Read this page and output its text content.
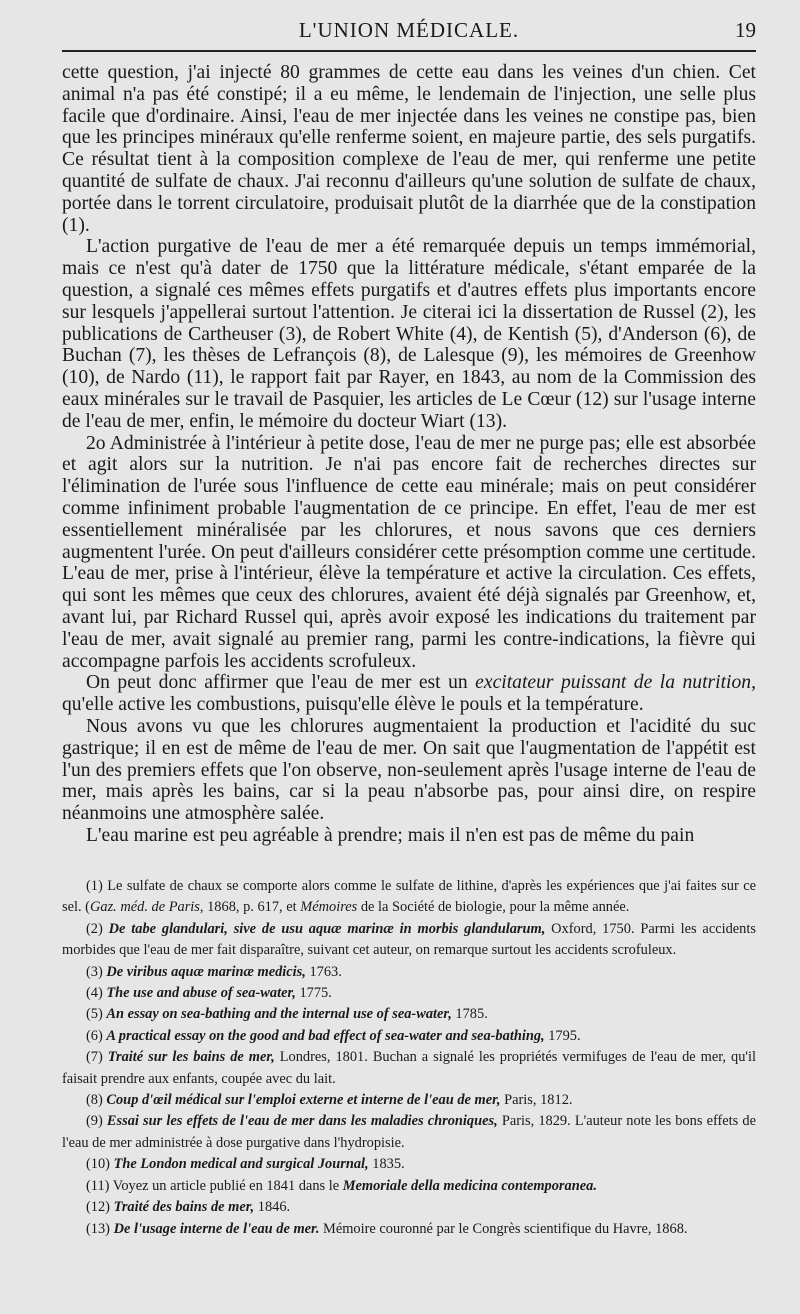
L'UNION MÉDICALE.	19

cette question, j'ai injecté 80 grammes de cette eau dans les veines d'un chien. Cet animal n'a pas été constipé; il a eu même, le lendemain de l'injection, une selle plus facile que d'ordinaire. Ainsi, l'eau de mer injectée dans les veines ne constipe pas, bien que les principes minéraux qu'elle renferme soient, en majeure partie, des sels purgatifs. Ce résultat tient à la composition complexe de l'eau de mer, qui renferme une petite quantité de sulfate de chaux. J'ai reconnu d'ailleurs qu'une solution de sulfate de chaux, portée dans le torrent circulatoire, produisait plutôt de la diarrhée que de la constipation (1).

L'action purgative de l'eau de mer a été remarquée depuis un temps immémorial, mais ce n'est qu'à dater de 1750 que la littérature médicale, s'étant emparée de la question, a signalé ces mêmes effets purgatifs et d'autres effets plus importants encore sur lesquels j'appellerai surtout l'attention. Je citerai ici la dissertation de Russel (2), les publications de Cartheuser (3), de Robert White (4), de Kentish (5), d'Anderson (6), de Buchan (7), les thèses de Lefrançois (8), de Lalesque (9), les mémoires de Greenhow (10), de Nardo (11), le rapport fait par Rayer, en 1843, au nom de la Commission des eaux minérales sur le travail de Pasquier, les articles de Le Cœur (12) sur l'usage interne de l'eau de mer, enfin, le mémoire du docteur Wiart (13).

2o Administrée à l'intérieur à petite dose, l'eau de mer ne purge pas; elle est absorbée et agit alors sur la nutrition. Je n'ai pas encore fait de recherches directes sur l'élimination de l'urée sous l'influence de cette eau minérale; mais on peut considérer comme infiniment probable l'augmentation de ce principe. En effet, l'eau de mer est essentiellement minéralisée par les chlorures, et nous savons que ces derniers augmentent l'urée. On peut d'ailleurs considérer cette présomption comme une certitude. L'eau de mer, prise à l'intérieur, élève la température et active la circulation. Ces effets, qui sont les mêmes que ceux des chlorures, avaient été déjà signalés par Greenhow, et, avant lui, par Richard Russel qui, après avoir exposé les indications du traitement par l'eau de mer, avait signalé au premier rang, parmi les contre-indications, la fièvre qui accompagne parfois les accidents scrofuleux.

On peut donc affirmer que l'eau de mer est un excitateur puissant de la nutrition, qu'elle active les combustions, puisqu'elle élève le pouls et la température.

Nous avons vu que les chlorures augmentaient la production et l'acidité du suc gastrique; il en est de même de l'eau de mer. On sait que l'augmentation de l'appétit est l'un des premiers effets que l'on observe, non-seulement après l'usage interne de l'eau de mer, mais après les bains, car si la peau n'absorbe pas, pour ainsi dire, on respire néanmoins une atmosphère salée.

L'eau marine est peu agréable à prendre; mais il n'en est pas de même du pain

(1) Le sulfate de chaux se comporte alors comme le sulfate de lithine, d'après les expériences que j'ai faites sur ce sel. (Gaz. méd. de Paris, 1868, p. 617, et Mémoires de la Société de biologie, pour la même année.

(2) De tabe glandulari, sive de usu aquæ marinæ in morbis glandularum, Oxford, 1750. Parmi les accidents morbides que l'eau de mer fait disparaître, suivant cet auteur, on remarque surtout les accidents scrofuleux.

(3) De viribus aquæ marinæ medicis, 1763.

(4) The use and abuse of sea-water, 1775.

(5) An essay on sea-bathing and the internal use of sea-water, 1785.

(6) A practical essay on the good and bad effect of sea-water and sea-bathing, 1795.

(7) Traité sur les bains de mer, Londres, 1801. Buchan a signalé les propriétés vermifuges de l'eau de mer, qu'il faisait prendre aux enfants, coupée avec du lait.

(8) Coup d'œil médical sur l'emploi externe et interne de l'eau de mer, Paris, 1812.

(9) Essai sur les effets de l'eau de mer dans les maladies chroniques, Paris, 1829. L'auteur note les bons effets de l'eau de mer administrée à dose purgative dans l'hydropisie.

(10) The London medical and surgical Journal, 1835.

(11) Voyez un article publié en 1841 dans le Memoriale della medicina contemporanea.

(12) Traité des bains de mer, 1846.

(13) De l'usage interne de l'eau de mer. Mémoire couronné par le Congrès scientifique du Havre, 1868.
